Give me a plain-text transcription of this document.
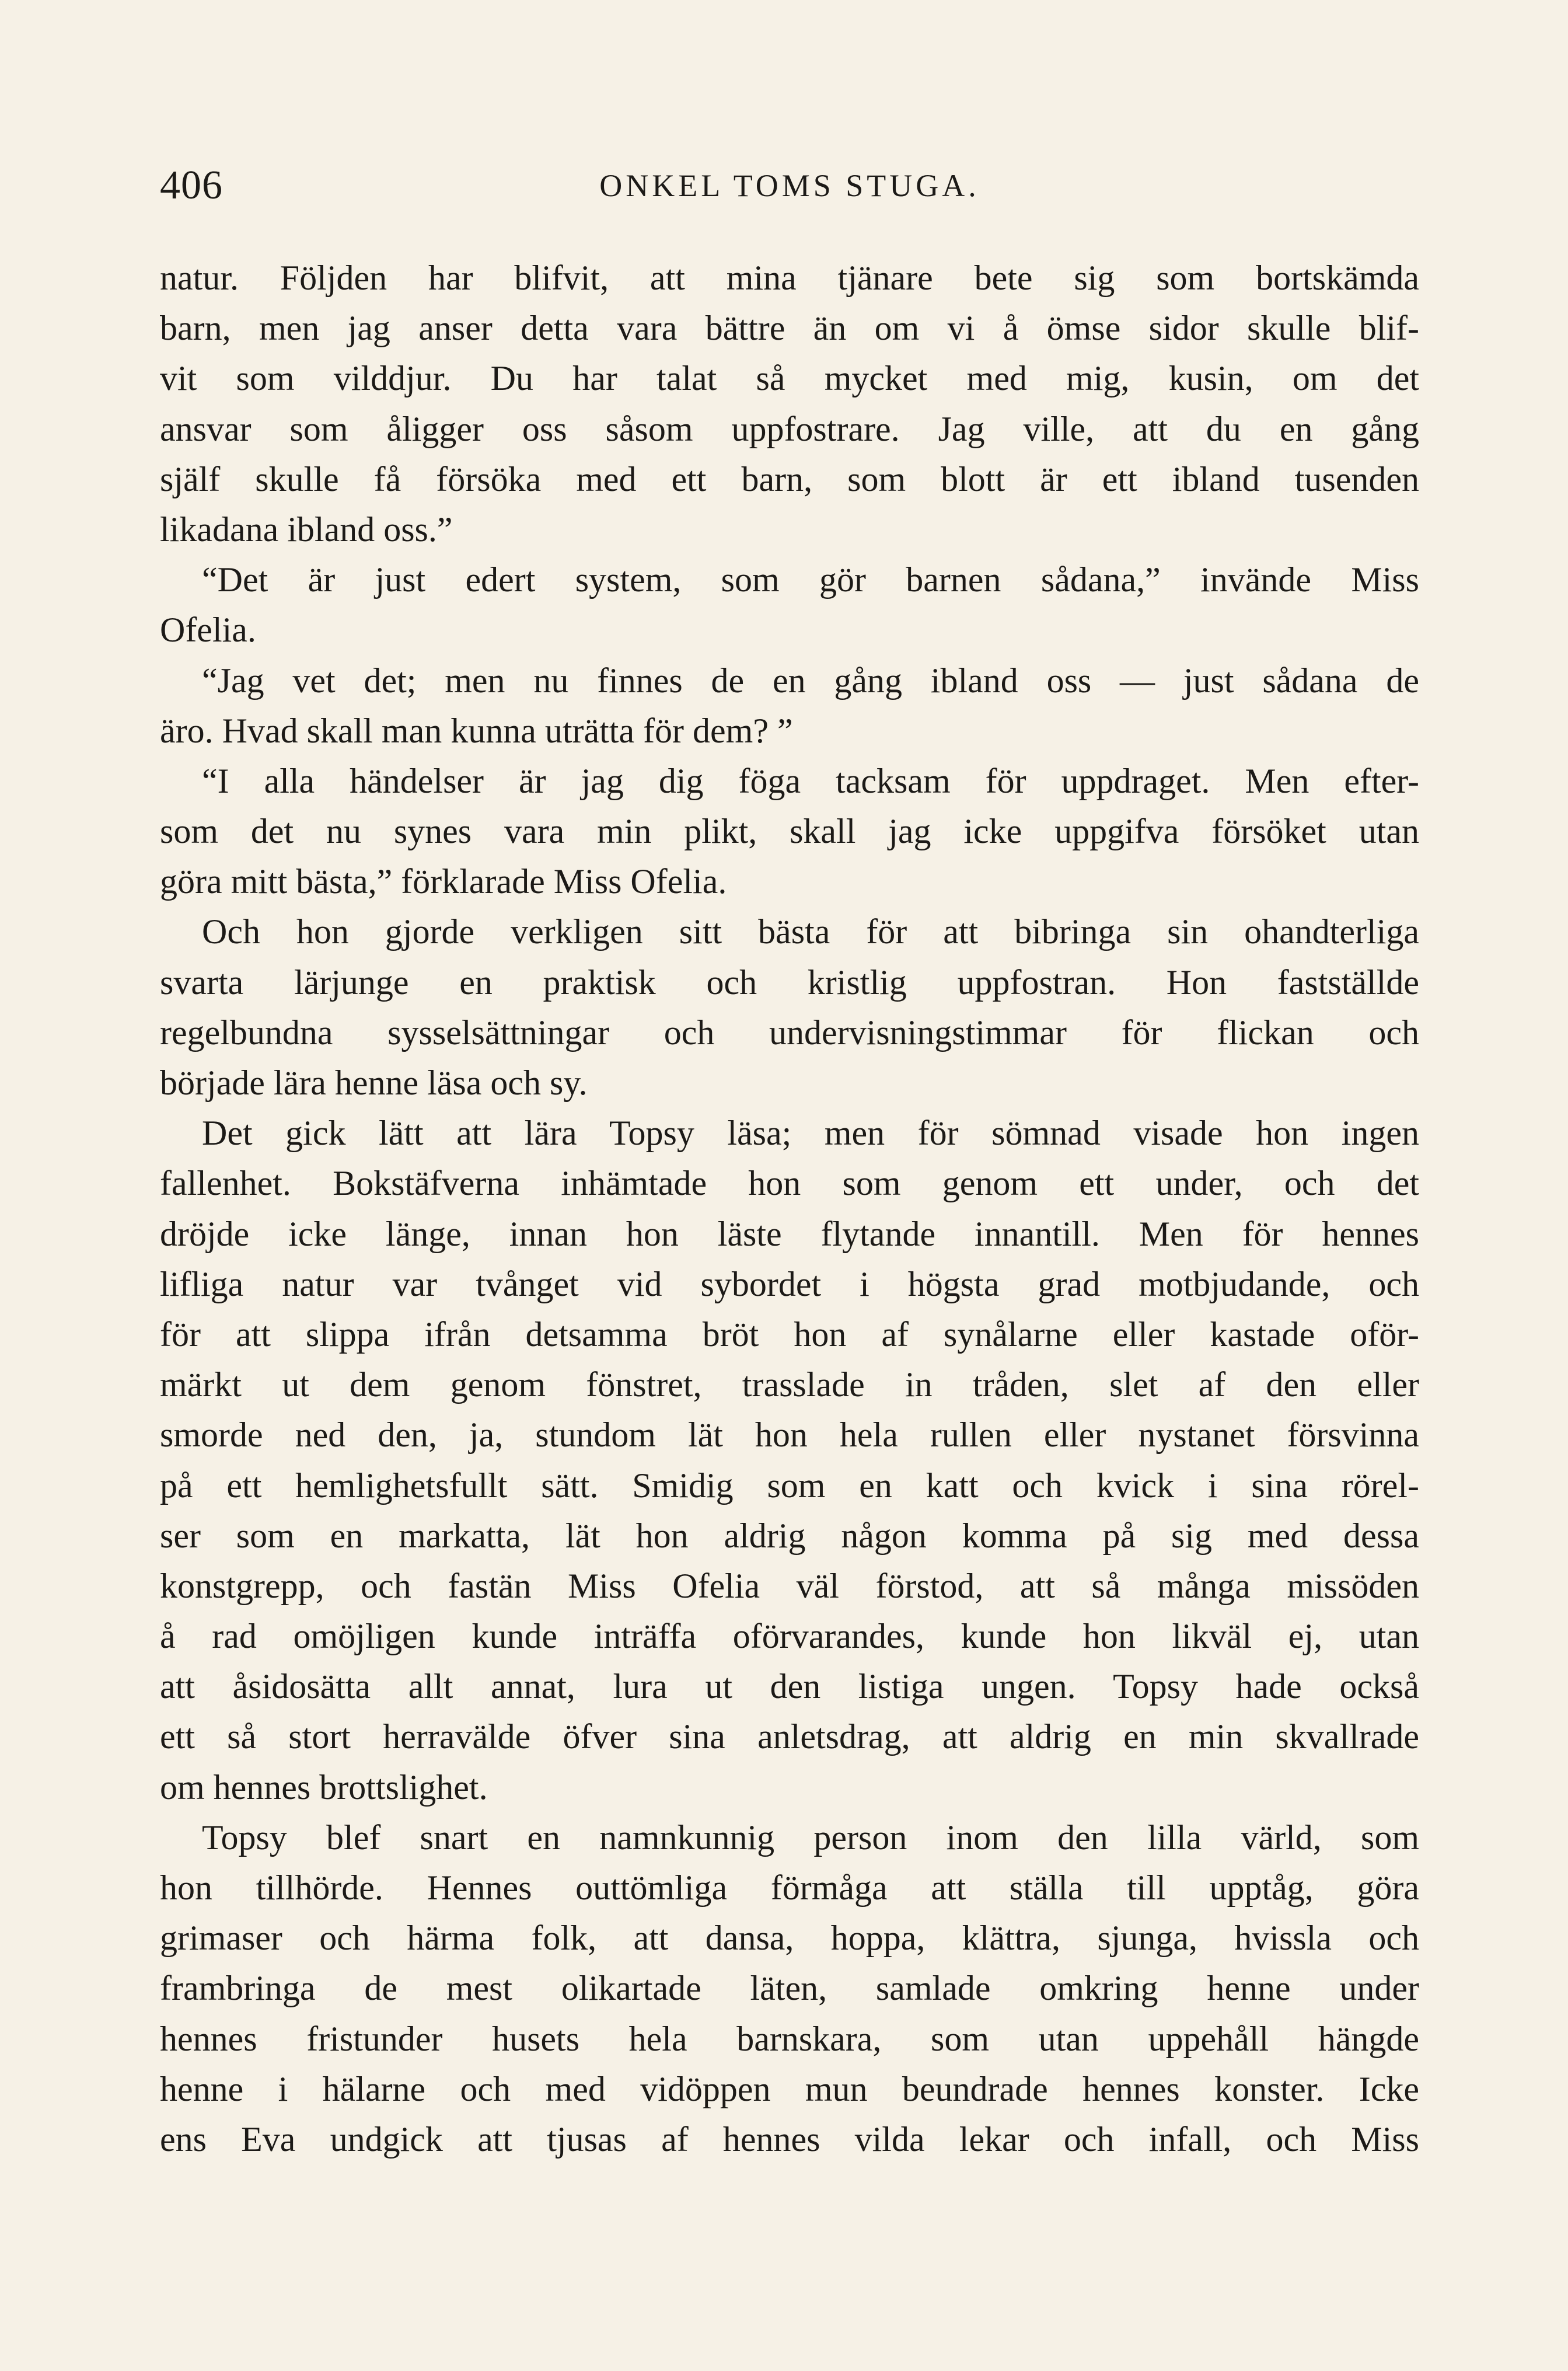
406	ONKEL TOMS STUGA.
natur. Följden har blifvit, att mina tjänare bete sig som bortskämda
barn, men jag anser detta vara bättre än om vi å ömse sidor skulle blif-
vit som vilddjur. Du har talat så mycket med mig, kusin, om det
ansvar som åligger oss såsom uppfostrare. Jag ville, att du en gång
själf skulle få försöka med ett barn, som blott är ett ibland tusenden
likadana ibland oss.”
“Det är just edert system, som gör barnen sådana,” invände Miss
Ofelia.
“Jag vet det; men nu finnes de en gång ibland oss — just sådana de
äro. Hvad skall man kunna uträtta för dem? ”
“I alla händelser är jag dig föga tacksam för uppdraget. Men efter-
som det nu synes vara min plikt, skall jag icke uppgifva försöket utan
göra mitt bästa,” förklarade Miss Ofelia.
Och hon gjorde verkligen sitt bästa för att bibringa sin ohandterliga
svarta lärjunge en praktisk och kristlig uppfostran. Hon fastställde
regelbundna sysselsättningar och undervisningstimmar för flickan och
började lära henne läsa och sy.
Det gick lätt att lära Topsy läsa; men för sömnad visade hon ingen
fallenhet. Bokstäfverna inhämtade hon som genom ett under, och det
dröjde icke länge, innan hon läste flytande innantill. Men för hennes
lifliga natur var tvånget vid sybordet i högsta grad motbjudande, och
för att slippa ifrån detsamma bröt hon af synålarne eller kastade oför-
märkt ut dem genom fönstret, trasslade in tråden, slet af den eller
smorde ned den, ja, stundom lät hon hela rullen eller nystanet försvinna
på ett hemlighetsfullt sätt. Smidig som en katt och kvick i sina rörel-
ser som en markatta, lät hon aldrig någon komma på sig med dessa
konstgrepp, och fastän Miss Ofelia väl förstod, att så många missöden
å rad omöjligen kunde inträffa oförvarandes, kunde hon likväl ej, utan
att åsidosätta allt annat, lura ut den listiga ungen. Topsy hade också
ett så stort herravälde öfver sina anletsdrag, att aldrig en min skvallrade
om hennes brottslighet.
Topsy blef snart en namnkunnig person inom den lilla värld, som
hon tillhörde. Hennes outtömliga förmåga att ställa till upptåg, göra
grimaser och härma folk, att dansa, hoppa, klättra, sjunga, hvissla och
frambringa de mest olikartade läten, samlade omkring henne under
hennes fristunder husets hela barnskara, som utan uppehåll hängde
henne i hälarne och med vidöppen mun beundrade hennes konster. Icke
ens Eva undgick att tjusas af hennes vilda lekar och infall, och Miss
